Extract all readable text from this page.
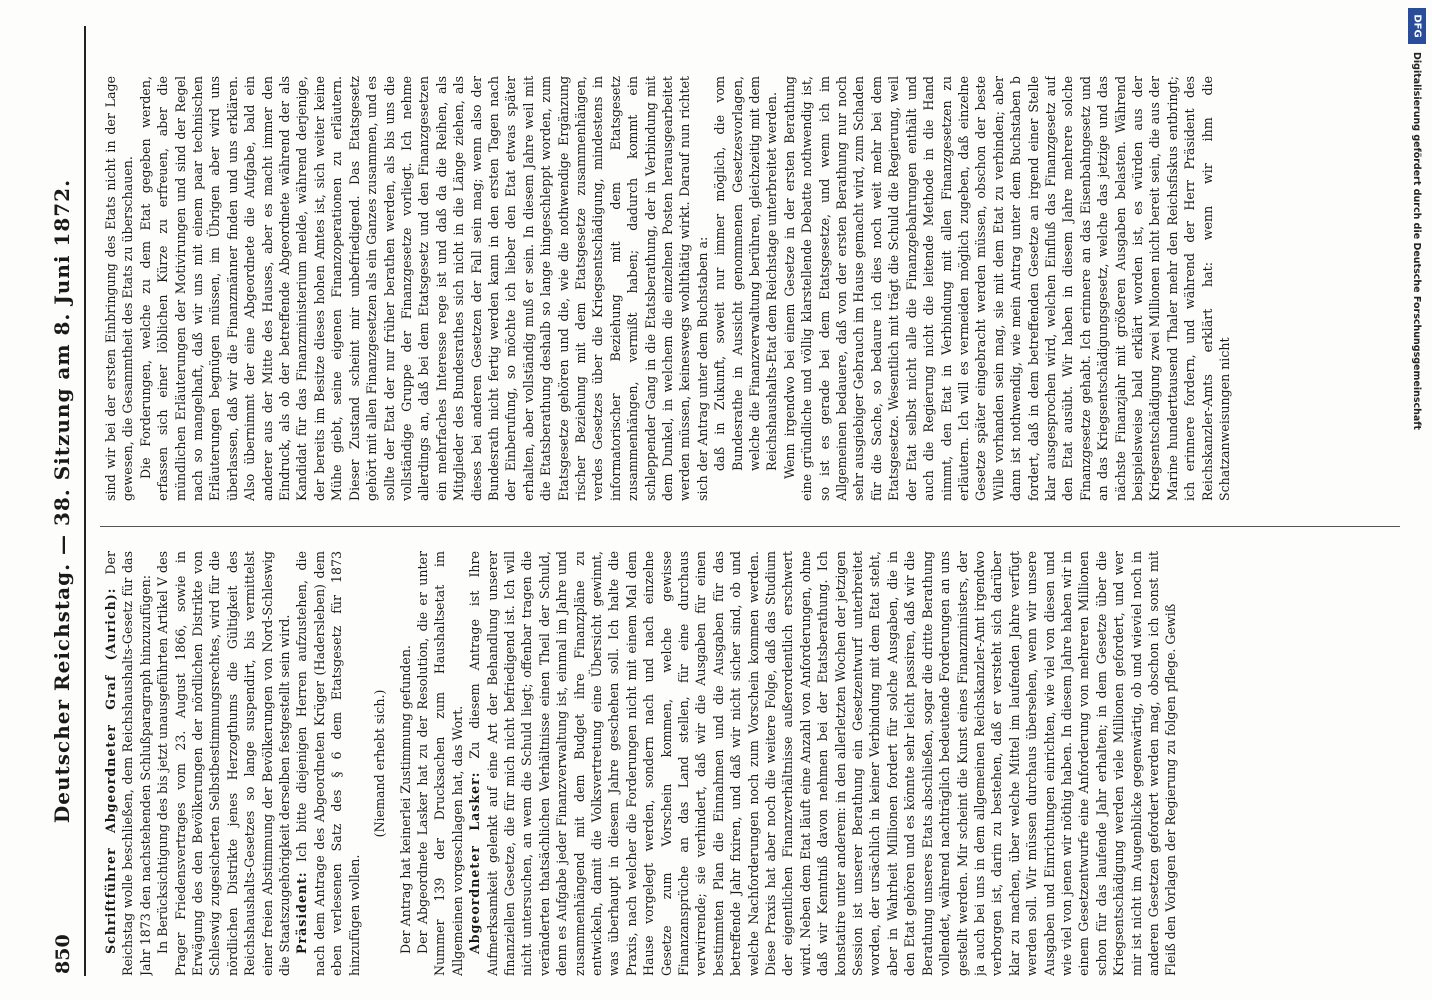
850
Deutscher Reichstag. — 38. Sitzung am 8. Juni 1872. Schriftführer Abgeordneter Graf (Aurich): Der Reichstag wolle beschließen, dem Reichshaushalts-Gesetz für das Jahr 1873 den nachstehenden Schlußparagraph hinzuzufügen: In Berücksichtigung des bis jetzt unausgeführten Artikel V des Prager Friedensvertrages vom 23. August 1866, sowie in Erwägung des den Bevölkerungen der nördlichen Distrikte von Schleswig zugesicherten Selbstbestimmungsrechtes, wird für die nördlichen Distrikte jenes Herzogthums die Gültigkeit des Reichshaushalts-Gesetzes so lange suspendirt, bis vermittelst einer freien Abstimmung der Bevölkerungen von Nord-Schleswig die Staatszugehörigkeit derselben festgestellt sein wird. Präsident: Ich bitte diejenigen Herren aufzustehen, die nach dem Antrage des Abgeordneten Krüger (Hadersleben) dem eben verlesenen Satz des § 6 dem Etatsgesetz für 1873 hinzufügen wollen.

(Niemand erhebt sich.) Der Antrag hat keinerlei Zustimmung gefunden. Der Abgeordnete Lasker hat zu der Resolution, die er unter Nummer 139 der Drucksachen zum Haushaltsetat im Allgemeinen vorgeschlagen hat, das Wort. Abgeordneter Lasker: Zu diesem Antrage ist Ihre Aufmerksamkeit gelenkt auf eine Art der Behandlung unserer finanziellen Gesetze, die für mich nicht befriedigend ist. Ich will nicht untersuchen, an wem die Schuld liegt; offenbar tragen die veränderten thatsächlichen Verhältnisse einen Theil der Schuld, denn es Aufgabe jeder Finanzverwaltung ist, einmal im Jahre und zusammenhängend mit dem Budget ihre Finanzpläne zu entwickeln, damit die Volksvertretung eine Übersicht gewinnt, was überhaupt in diesem Jahre geschehen soll. Ich halte die Praxis, nach welcher die Forderungen nicht mit einem Mal dem Hause vorgelegt werden, sondern nach und nach einzelne Gesetze zum Vorschein kommen, welche gewisse Finanzansprüche an das Land stellen, für eine durchaus verwirrende; sie verhindert, daß wir die Ausgaben für einen bestimmten Plan die Einnahmen und die Ausgaben für das betreffende Jahr fixiren, und daß wir nicht sicher sind, ob und welche Nachforderungen noch zum Vorschein kommen werden. Diese Praxis hat aber noch die weitere Folge, daß das Studium der eigentlichen Finanzverhältnisse außerordentlich erschwert wird. Neben dem Etat läuft eine Anzahl von Anforderungen, ohne daß wir Kenntniß davon nehmen bei der Etatsberathung. Ich konstatire unter anderem: in den allerletzten Wochen der jetzigen Session ist unserer Berathung ein Gesetzentwurf unterbreitet worden, der ursächlich in keiner Verbindung mit dem Etat steht, aber in Wahrheit Millionen fordert für solche Ausgaben, die in den Etat gehören und es könnte sehr leicht passiren, daß wir die Berathung unseres Etats abschließen, sogar die dritte Berathung vollendet, während nachträglich bedeutende Forderungen an uns gestellt werden. Mir scheint die Kunst eines Finanzministers, der ja auch bei uns in dem allgemeinen Reichskanzler-Amt irgendwo verborgen ist, darin zu bestehen, daß er versteht sich darüber klar zu machen, über welche Mittel im laufenden Jahre verfügt werden soll. Wir müssen durchaus übersehen, wenn wir unsere Ausgaben und Einrichtungen einrichten, wie viel von diesen und wie viel von jenen wir nöthig haben. In diesem Jahre haben wir in einem Gesetzentwurfe eine Anforderung von mehreren Millionen schon für das laufende Jahr erhalten; in dem Gesetze über die Kriegsentschädigung werden viele Millionen gefordert, und wer mir ist nicht im Augenblicke gegenwärtig, ob und wieviel noch in anderen Gesetzen gefordert werden mag, obschon ich sonst mit Fleiß den Vorlagen der Regierung zu folgen pflege. Gewiß

sind wir bei der ersten Einbringung des Etats nicht in der Lage gewesen, die Gesammtheit des Etats zu überschauen. Die Forderungen, welche zu dem Etat gegeben werden, erfassen sich einer löblichen Kürze zu erfreuen, aber die mündlichen Erläuterungen der Motivirungen und sind der Regel nach so mangelhaft, daß wir uns mit einem paar technischen Erläuterungen begnügen müssen, im Übrigen aber wird uns überlassen, daß wir die Finanzmänner finden und uns erklären. Also übernimmt der eine Abgeordnete die Aufgabe, bald ein anderer aus der Mitte des Hauses, aber es macht immer den Eindruck, als ob der betreffende Abgeordnete während der als Kandidat für das Finanzministerium melde, während derjenige, der bereits im Besitze dieses hohen Amtes ist, sich weiter keine Mühe giebt, seine eigenen Finanzoperationen zu erläutern. Dieser Zustand scheint mir unbefriedigend. Das Etatsgesetz gehört mit allen Finanzgesetzen als ein Ganzes zusammen, und es sollte der Etat der nur früher berathen werden, als bis uns die vollständige Gruppe der Finanzgesetze vorliegt. Ich nehme allerdings an, daß bei dem Etatsgesetz und den Finanzgesetzen ein mehrfaches Interesse rege ist und daß da die Reihen, als Mitglieder des Bundesrathes sich nicht in die Länge ziehen, als dieses bei anderen Gesetzen der Fall sein mag; wenn also der Bundesrath nicht fertig werden kann in den ersten Tagen nach der Einberufung, so möchte ich lieber den Etat etwas später erhalten, aber vollständig muß er sein. In diesem Jahre weil mit die Etatsberathung deshalb so lange hingeschleppt worden, zum Etatsgesetze gehören und die, wie die nothwendige Ergänzung rischer Beziehung mit dem Etatsgesetze zusammenhängen, verdes Gesetzes über die Kriegsentschädigung, mindestens in informatorischer Beziehung mit dem Etatsgesetz zusammenhängen, vermißt haben; dadurch kommt ein schleppender Gang in die Etatsberathung, der in Verbindung mit dem Dunkel, in welchem die einzelnen Posten herausgearbeitet werden müssen, keineswegs wohlthätig wirkt. Darauf nun richtet sich der Antrag unter dem Buchstaben a: daß in Zukunft, soweit nur immer möglich, die vom Bundesrathe in Aussicht genommenen Gesetzesvorlagen, welche die Finanzverwaltung berühren, gleichzeitig mit dem Reichshaushalts-Etat dem Reichstage unterbreitet werden. Wenn irgendwo bei einem Gesetze in der ersten Berathung eine gründliche und völlig klarstellende Debatte nothwendig ist, so ist es gerade bei dem Etatsgesetze, und wenn ich im Allgemeinen bedauere, daß von der ersten Berathung nur noch sehr ausgiebiger Gebrauch im Hause gemacht wird, zum Schaden für die Sache, so bedaure ich dies noch weit mehr bei dem Etatsgesetze. Wesentlich mit trägt die Schuld die Regierung, weil der Etat selbst nicht alle die Finanzgebahrungen enthält und auch die Regierung nicht die leitende Methode in die Hand nimmt, den Etat in Verbindung mit allen Finanzgesetzen zu erläutern. Ich will es vermeiden möglich zugeben, daß einzelne Gesetze später eingebracht werden müssen, obschon der beste Wille vorhanden sein mag, sie mit dem Etat zu verbinden; aber dann ist nothwendig, wie mein Antrag unter dem Buchstaben b fordert, daß in dem betreffenden Gesetze an irgend einer Stelle klar ausgesprochen wird, welchen Einfluß das Finanzgesetz auf den Etat ausübt. Wir haben in diesem Jahre mehrere solche Finanzgesetze gehabt. Ich erinnere an das Eisenbahngesetz und an das Kriegsentschädigungsgesetz, welche das jetzige und das nächste Finanzjahr mit größeren Ausgaben belasten. Während beispielsweise bald erklärt worden ist, es würden aus der Kriegsentschädigung zwei Millionen nicht bereit sein, die aus der Marine hunderttausend Thaler mehr den Reichsfiskus entbringt; ich erinnere fordern, und während der Herr Präsident des Reichskanzler-Amts erklärt hat: wenn wir ihm die Schatzanweisungen nicht

DFG
Digitalisierung gefördert durch die Deutsche Forschungsgemeinschaft
